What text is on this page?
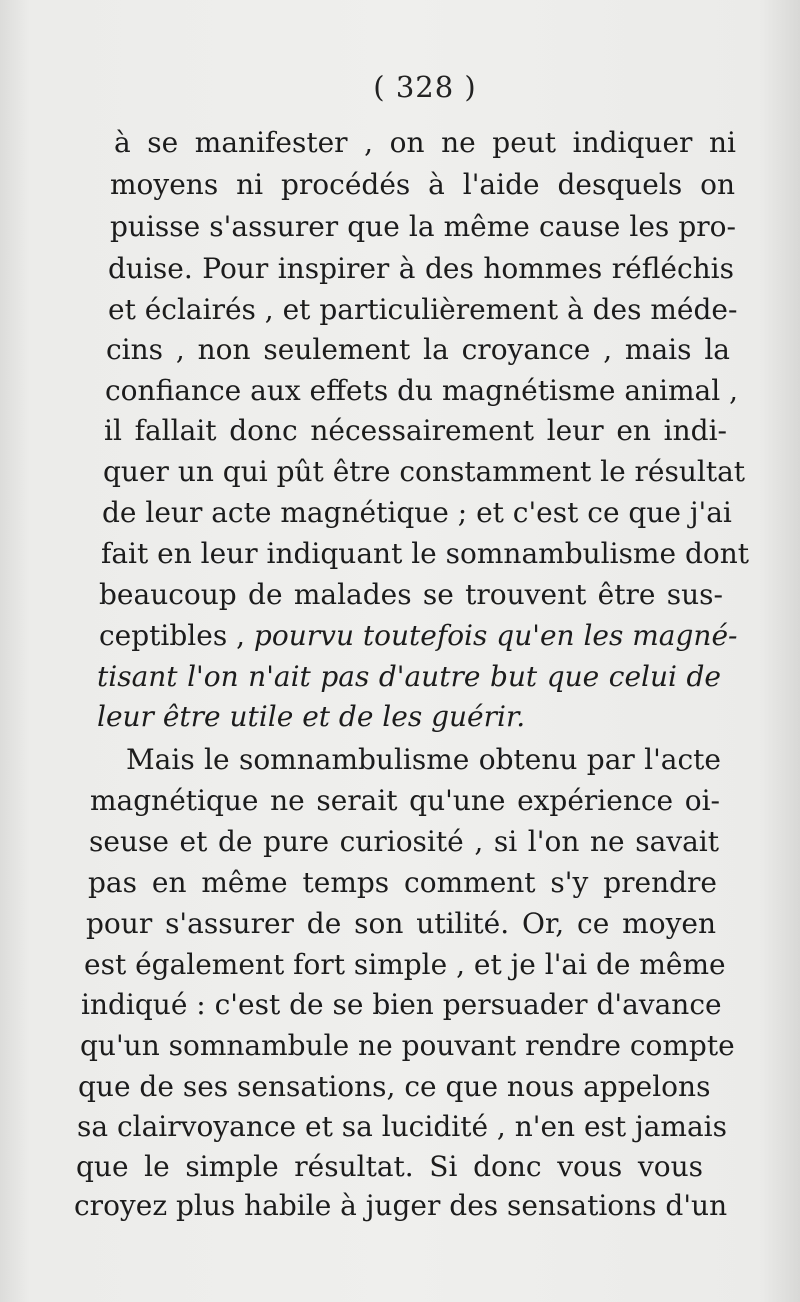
( 328 )
à se manifester , on ne peut indiquer ni
moyens ni procédés à l'aide desquels on
puisse s'assurer que la même cause les pro-
duise. Pour inspirer à des hommes réfléchis
et éclairés , et particulièrement à des méde-
cins , non seulement la croyance , mais la
confiance aux effets du magnétisme animal ,
il fallait donc nécessairement leur en indi-
quer un qui pût être constamment le résultat
de leur acte magnétique ; et c'est ce que j'ai
fait en leur indiquant le somnambulisme dont
beaucoup de malades se trouvent être sus-
ceptibles , pourvu toutefois qu'en les magné-
tisant l'on n'ait pas d'autre but que celui de
leur être utile et de les guérir.
Mais le somnambulisme obtenu par l'acte
magnétique ne serait qu'une expérience oi-
seuse et de pure curiosité , si l'on ne savait
pas en même temps comment s'y prendre
pour s'assurer de son utilité. Or, ce moyen
est également fort simple , et je l'ai de même
indiqué : c'est de se bien persuader d'avance
qu'un somnambule ne pouvant rendre compte
que de ses sensations, ce que nous appelons
sa clairvoyance et sa lucidité , n'en est jamais
que le simple résultat. Si donc vous vous
croyez plus habile à juger des sensations d'un
